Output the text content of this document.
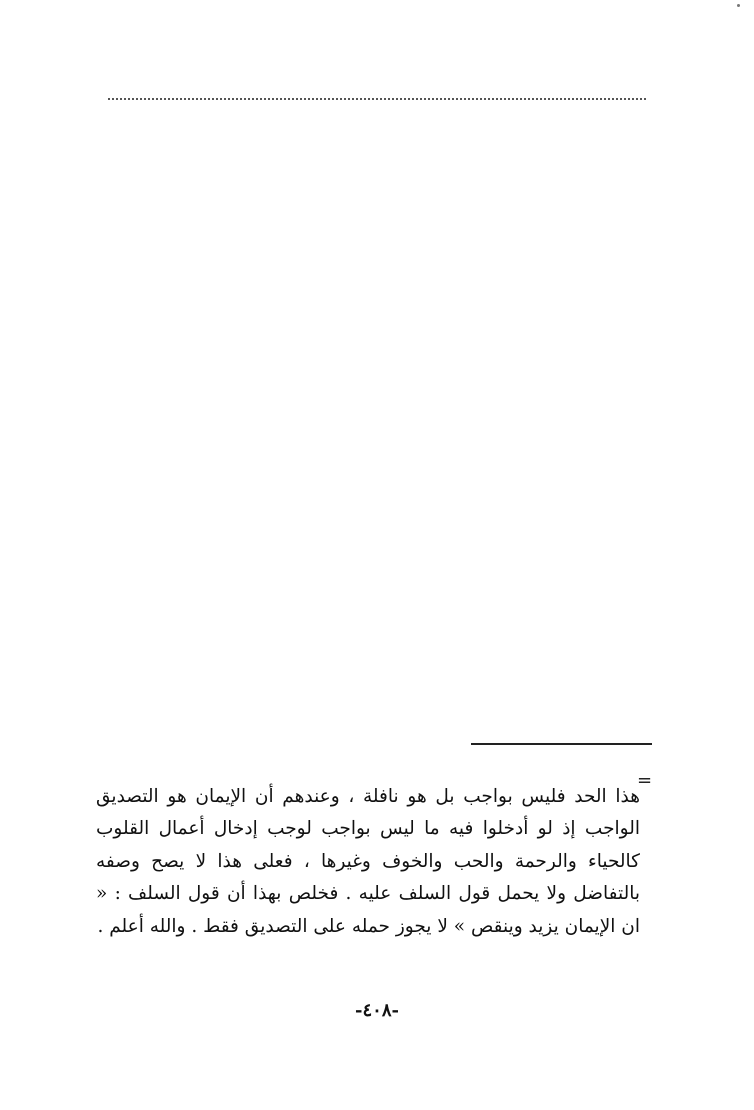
=

هذا الحد فليس بواجب بل هو نافلة ، وعندهم أن الإيمان هو التصديق الواجب إذ لو أدخلوا فيه ما ليس بواجب لوجب إدخال أعمال القلوب كالحياء والرحمة والحب والخوف وغيرها ، فعلى هذا لا يصح وصفه بالتفاضل ولا يحمل قول السلف عليه . فخلص بهذا أن قول السلف : « ان الإيمان يزيد وينقص » لا يجوز حمله على التصديق فقط . والله أعلم .

-٤٠٨-
